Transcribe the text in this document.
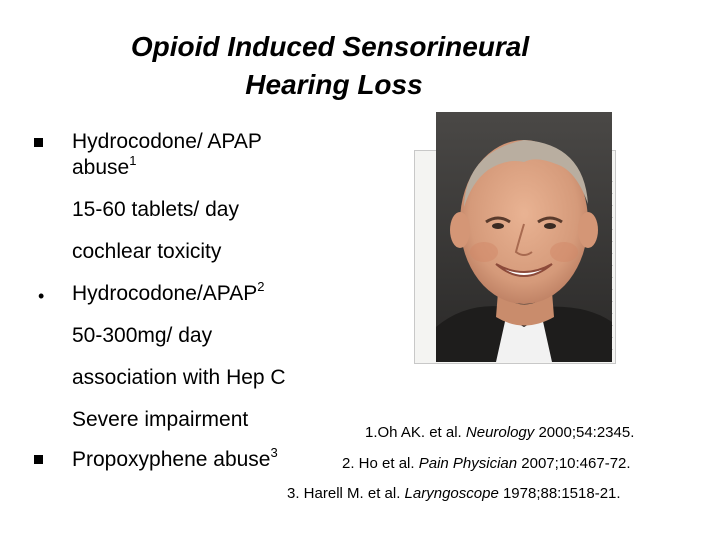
Opioid Induced Sensorineural
Hearing Loss
Hydrocodone/ APAP
abuse$^1$
15-60 tablets/ day
cochlear toxicity
• Hydrocodone/APAP$^2$
50-300mg/ day
association with Hep C
Severe impairment
Propoxyphene abuse$^3$
1.Oh AK. et al. Neurology 2000;54:2345.
2. Ho et al. Pain Physician 2007;10:467-72.
3. Harell M. et al. Laryngoscope 1978;88:1518-21.
